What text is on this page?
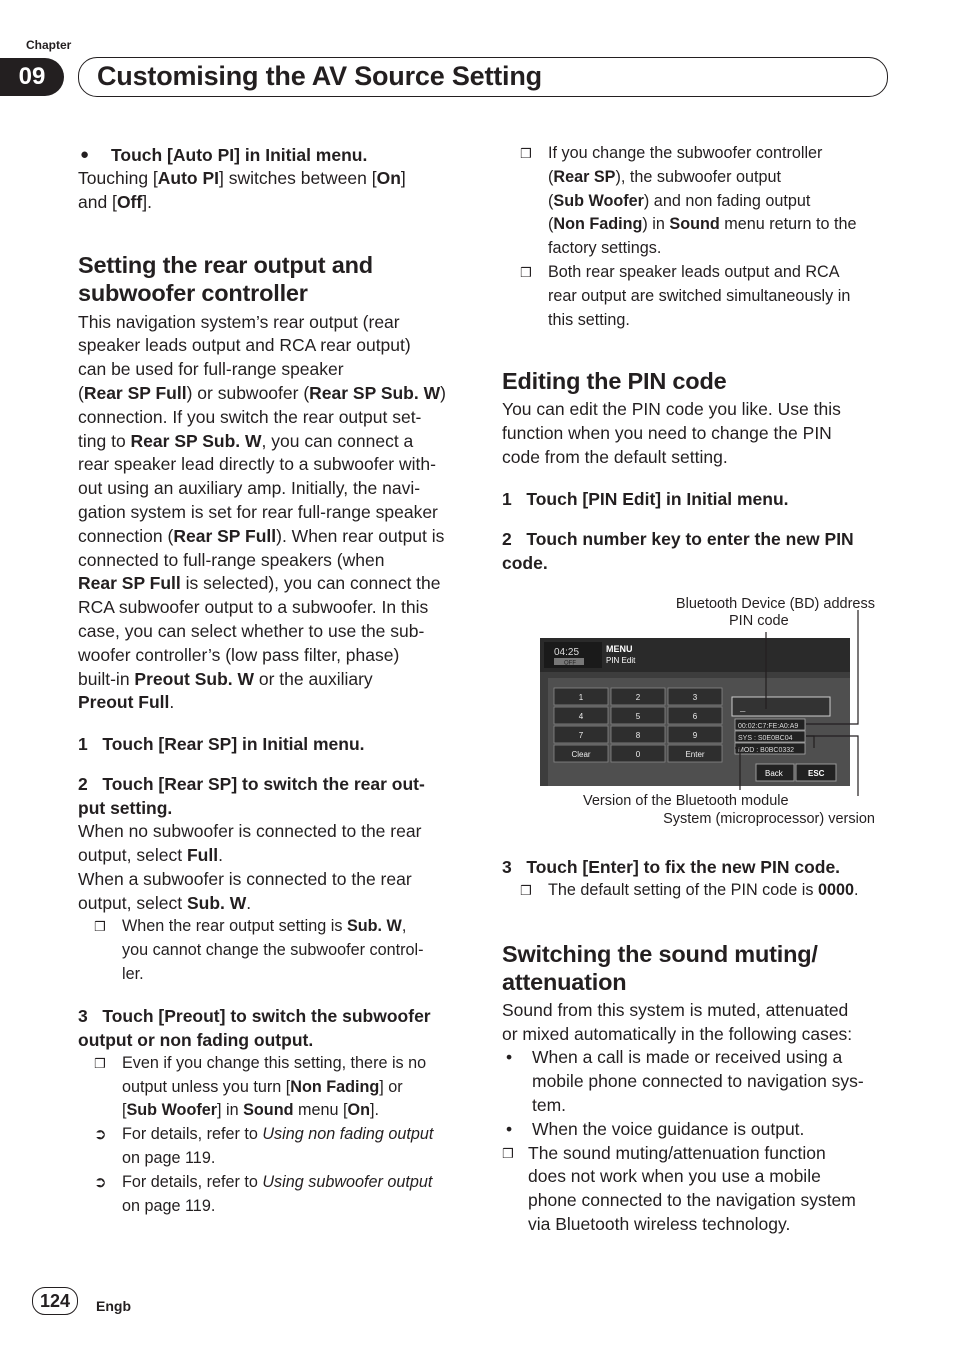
Chapter
09	Customising the AV Source Setting
●	Touch [Auto PI] in Initial menu.

Touching [Auto PI] switches between [On]
and [Off].

Setting the rear output and
subwoofer controller

This navigation system’s rear output (rear
speaker leads output and RCA rear output)
can be used for full-range speaker
(Rear SP Full) or subwoofer (Rear SP Sub. W)
connection. If you switch the rear output set-
ting to Rear SP Sub. W, you can connect a
rear speaker lead directly to a subwoofer with-
out using an auxiliary amp. Initially, the navi-
gation system is set for rear full-range speaker
connection (Rear SP Full). When rear output is
connected to full-range speakers (when
Rear SP Full is selected), you can connect the
RCA subwoofer output to a subwoofer. In this
case, you can select whether to use the sub-
woofer controller’s (low pass filter, phase)
built-in Preout Sub. W or the auxiliary
Preout Full.

1 Touch [Rear SP] in Initial menu.
2 Touch [Rear SP] to switch the rear out-
put setting.

When no subwoofer is connected to the rear
output, select Full.
When a subwoofer is connected to the rear
output, select Sub. W.

❒	When the rear output setting is Sub. W,
you cannot change the subwoofer control-
ler.
3 Touch [Preout] to switch the subwoofer
output or non fading output.
❒	Even if you change this setting, there is no
output unless you turn [Non Fading] or
[Sub Woofer] in Sound menu [On].
➲ For details, refer to Using non fading output
on page 119.
➲ For details, refer to Using subwoofer output
on page 119.
❒	If you change the subwoofer controller
(Rear SP), the subwoofer output
(Sub Woofer) and non fading output
(Non Fading) in Sound menu return to the
factory settings.
❒	Both rear speaker leads output and RCA
rear output are switched simultaneously in
this setting.
Editing the PIN code

You can edit the PIN code you like. Use this
function when you need to change the PIN
code from the default setting.

1 Touch [PIN Edit] in Initial menu.
2 Touch number key to enter the new PIN
code.
Bluetooth Device (BD) address
PIN code
Version of the Bluetooth module
System (microprocessor) version
04:25
OFF
MENU
PIN Edit
1	2	3
4	5	6
7	8	9
Clear	0	Enter
_
00:02:C7:FE:A0:A9
SYS : S0E0BC04
MOD : B0BC0332
Back	ESC
3 Touch [Enter] to fix the new PIN code.
❒	The default setting of the PIN code is 0000.
Switching the sound muting/
attenuation

Sound from this system is muted, attenuated
or mixed automatically in the following cases:

•	When a call is made or received using a
mobile phone connected to navigation sys-
tem.
•	When the voice guidance is output.
❒ The sound muting/attenuation function
does not work when you use a mobile
phone connected to the navigation system
via Bluetooth wireless technology.
124	Engb
